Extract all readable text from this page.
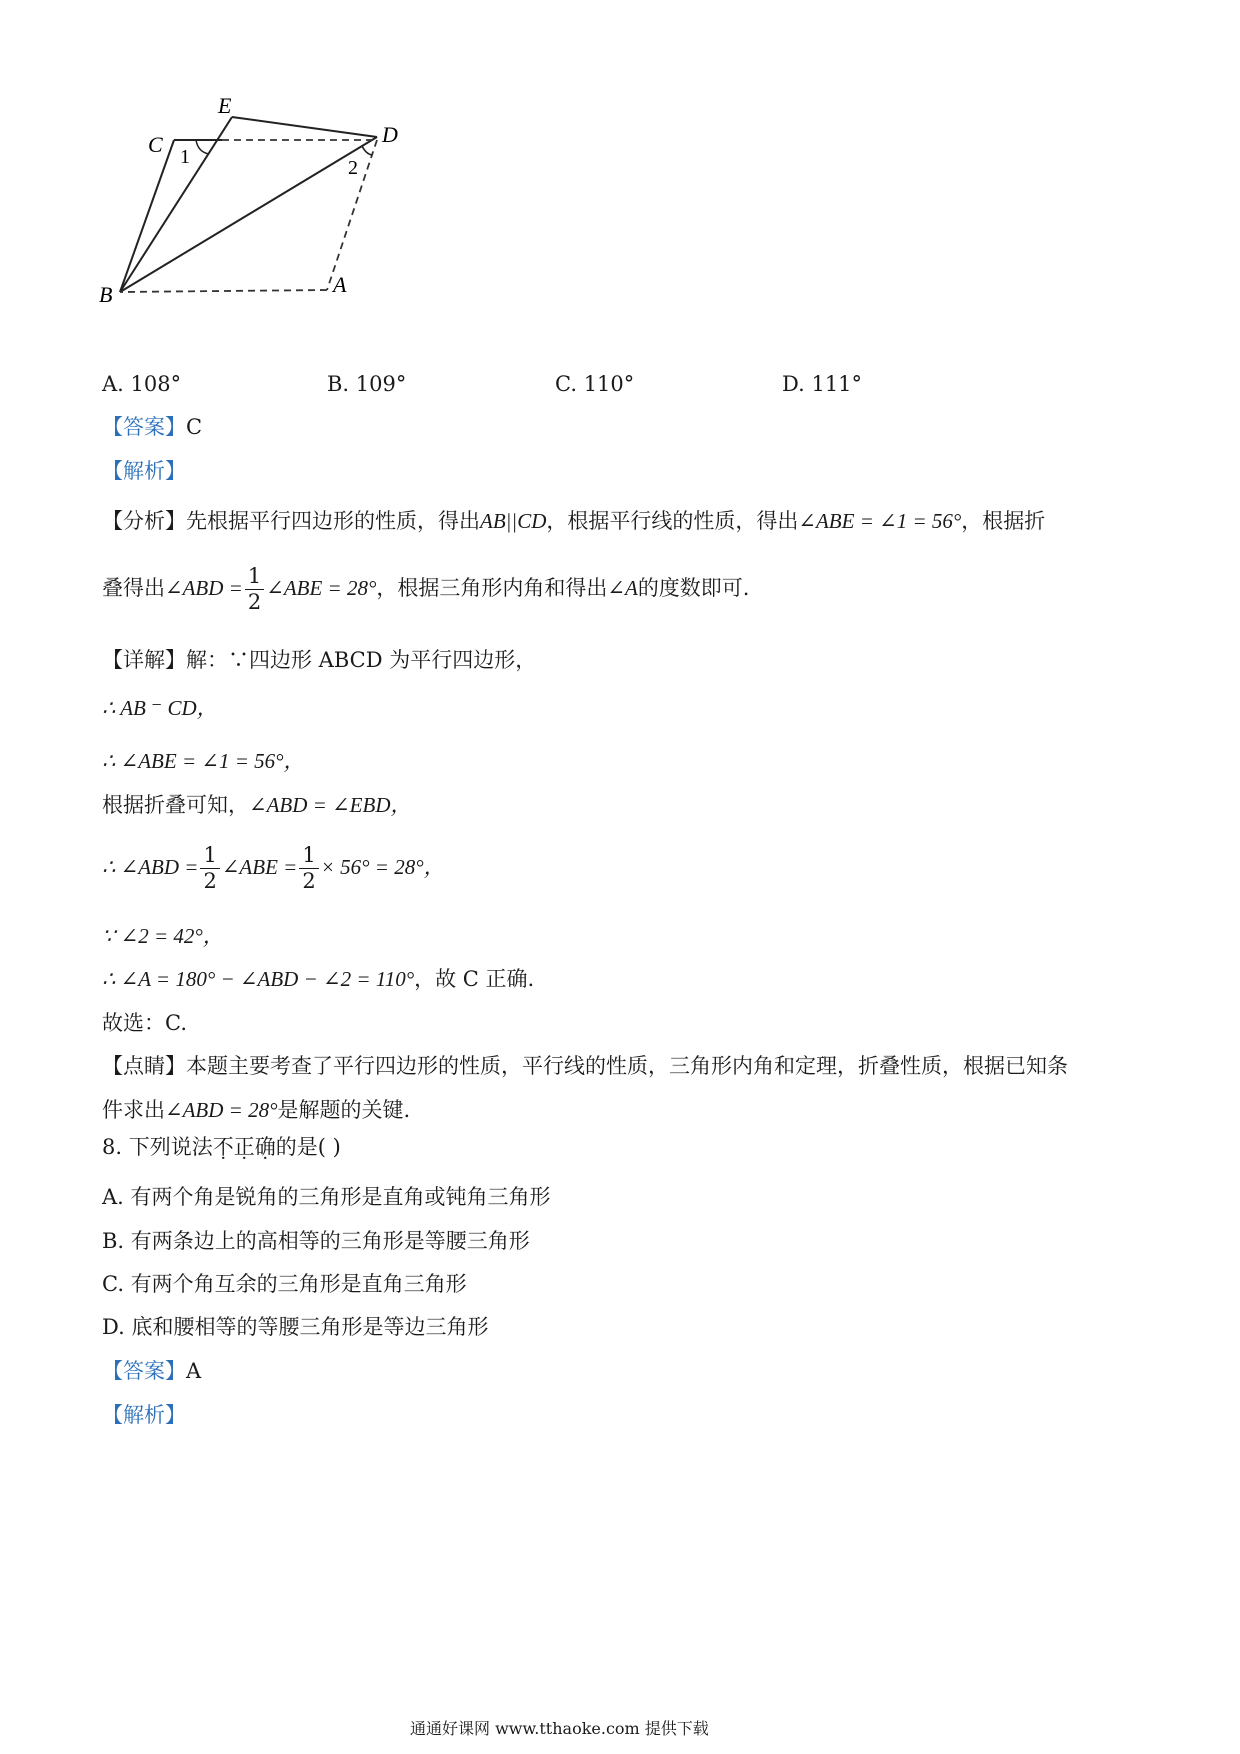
E
C	D
B	A
1	2
A. 108°	B. 109°	C. 110°	D. 111°
【答案】C
【解析】
【分析】先根据平行四边形的性质，得出AB||CD，根据平行线的性质，得出∠ABE = ∠1 = 56°，根据折
叠得出∠ABD = $\frac{1}{2}$ ∠ABE = 28°，根据三角形内角和得出∠A的度数即可.
【详解】解：∵四边形 ABCD 为平行四边形，
∴ AB ⁻ CD，
∴ ∠ABE = ∠1 = 56°，
根据折叠可知，∠ABD = ∠EBD，
∴ ∠ABD = $\frac{1}{2}$ ∠ABE = $\frac{1}{2} \times 56^\circ = 28^\circ$，
∵ ∠2 = 42°，
∴ ∠A = 180° − ∠ABD − ∠2 = 110°，故 C 正确.
故选：C.
【点睛】本题主要考查了平行四边形的性质，平行线的性质，三角形内角和定理，折叠性质，根据已知条
件求出∠ABD = 28°是解题的关键.
8. 下列说法不正确的是( )
A. 有两个角是锐角的三角形是直角或钝角三角形
B. 有两条边上的高相等的三角形是等腰三角形
C. 有两个角互余的三角形是直角三角形
D. 底和腰相等的等腰三角形是等边三角形
【答案】A
【解析】
通通好课网 www.tthaoke.com 提供下载
